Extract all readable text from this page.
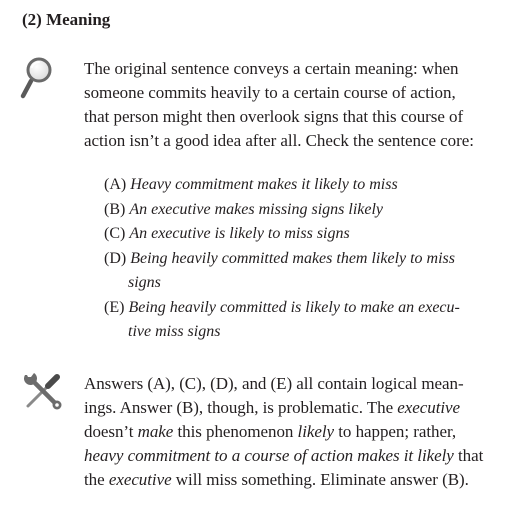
(2) Meaning

The original sentence conveys a certain meaning: when
someone commits heavily to a certain course of action,
that person might then overlook signs that this course of
action isn’t a good idea after all. Check the sentence core:

(A) Heavy commitment makes it likely to miss
(B) An executive makes missing signs likely
(C) An executive is likely to miss signs
(D) Being heavily committed makes them likely to miss
signs
(E) Being heavily committed is likely to make an execu-
tive miss signs

Answers (A), (C), (D), and (E) all contain logical mean-
ings. Answer (B), though, is problematic. The executive
doesn’t make this phenomenon likely to happen; rather,
heavy commitment to a course of action makes it likely that
the executive will miss something. Eliminate answer (B).
